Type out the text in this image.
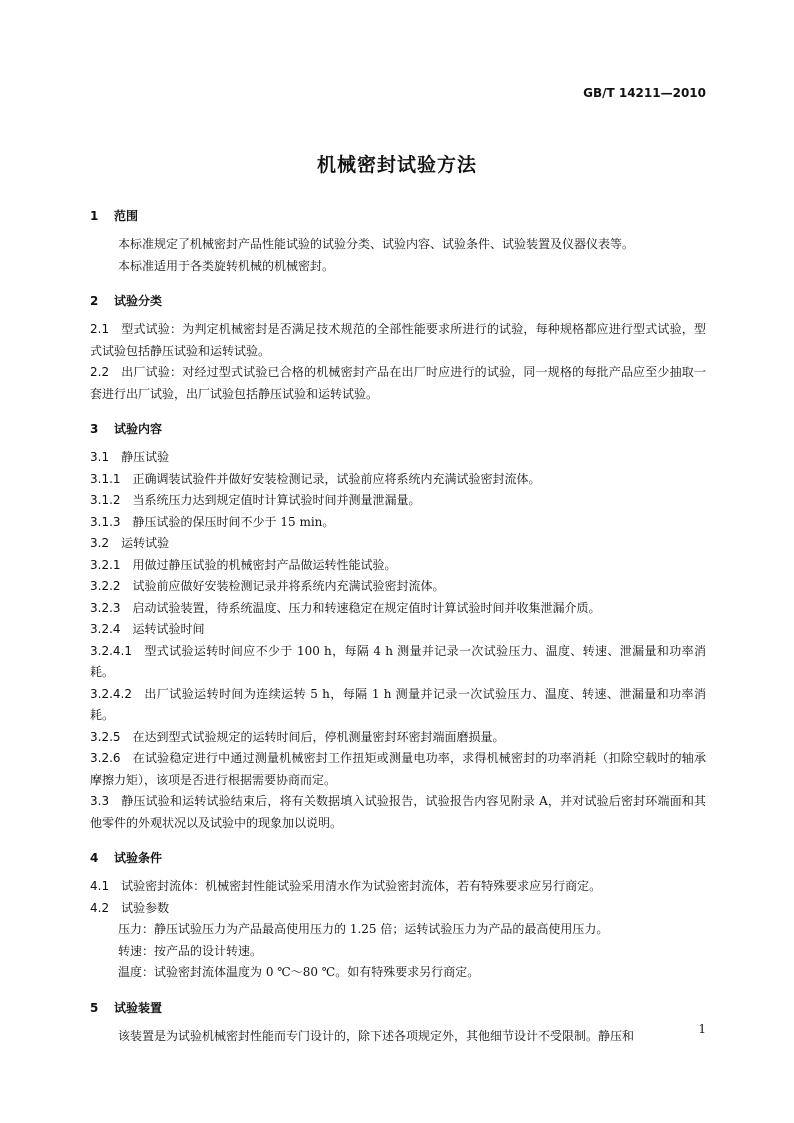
GB/T 14211—2010
机械密封试验方法
1 范围

本标准规定了机械密封产品性能试验的试验分类、试验内容、试验条件、试验装置及仪器仪表等。

本标准适用于各类旋转机械的机械密封。

2 试验分类

2.1 型式试验：为判定机械密封是否满足技术规范的全部性能要求所进行的试验，每种规格都应进行型式试验，型式试验包括静压试验和运转试验。

2.2 出厂试验：对经过型式试验已合格的机械密封产品在出厂时应进行的试验，同一规格的每批产品应至少抽取一套进行出厂试验，出厂试验包括静压试验和运转试验。

3 试验内容

3.1 静压试验

3.1.1 正确调装试验件并做好安装检测记录，试验前应将系统内充满试验密封流体。

3.1.2 当系统压力达到规定值时计算试验时间并测量泄漏量。

3.1.3 静压试验的保压时间不少于 15 min。

3.2 运转试验

3.2.1 用做过静压试验的机械密封产品做运转性能试验。

3.2.2 试验前应做好安装检测记录并将系统内充满试验密封流体。

3.2.3 启动试验装置，待系统温度、压力和转速稳定在规定值时计算试验时间并收集泄漏介质。

3.2.4 运转试验时间

3.2.4.1 型式试验运转时间应不少于 100 h，每隔 4 h 测量并记录一次试验压力、温度、转速、泄漏量和功率消耗。

3.2.4.2 出厂试验运转时间为连续运转 5 h，每隔 1 h 测量并记录一次试验压力、温度、转速、泄漏量和功率消耗。

3.2.5 在达到型式试验规定的运转时间后，停机测量密封环密封端面磨损量。

3.2.6 在试验稳定进行中通过测量机械密封工作扭矩或测量电功率，求得机械密封的功率消耗（扣除空载时的轴承摩擦力矩），该项是否进行根据需要协商而定。

3.3 静压试验和运转试验结束后，将有关数据填入试验报告，试验报告内容见附录 A，并对试验后密封环端面和其他零件的外观状况以及试验中的现象加以说明。

4 试验条件

4.1 试验密封流体：机械密封性能试验采用清水作为试验密封流体，若有特殊要求应另行商定。

4.2 试验参数

压力：静压试验压力为产品最高使用压力的 1.25 倍；运转试验压力为产品的最高使用压力。

转速：按产品的设计转速。

温度：试验密封流体温度为 0 ℃～80 ℃。如有特殊要求另行商定。

5 试验装置

该装置是为试验机械密封性能而专门设计的，除下述各项规定外，其他细节设计不受限制。静压和	1
